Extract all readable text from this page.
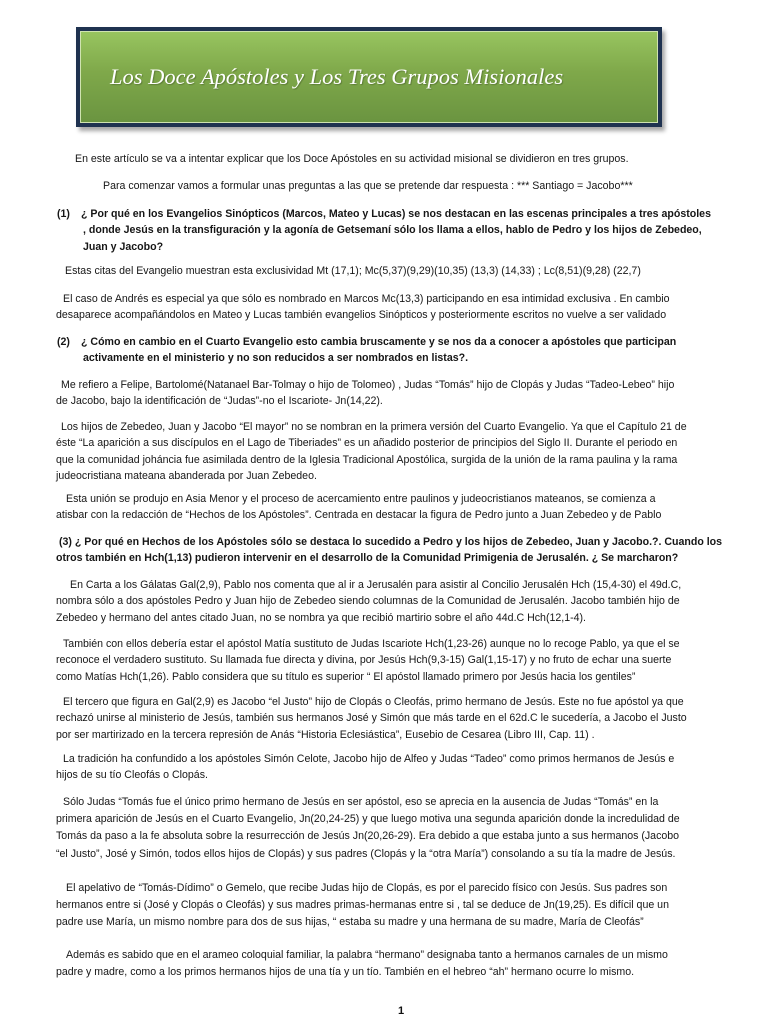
Los Doce Apóstoles y Los Tres Grupos Misionales
En este artículo se va a intentar explicar que los Doce Apóstoles en su actividad misional se dividieron en tres grupos.
Para comenzar vamos a formular unas preguntas a las que se pretende dar respuesta : *** Santiago = Jacobo***
(1) ¿ Por qué en los Evangelios Sinópticos (Marcos, Mateo y Lucas) se nos destacan en las escenas principales a tres apóstoles
, donde Jesús en la transfiguración y la agonía de Getsemaní sólo los llama a ellos, hablo de Pedro y los hijos de Zebedeo,
Juan y Jacobo?
Estas citas del Evangelio muestran esta exclusividad Mt (17,1); Mc(5,37)(9,29)(10,35) (13,3) (14,33) ; Lc(8,51)(9,28) (22,7)
El caso de Andrés es especial ya que sólo es nombrado en Marcos Mc(13,3) participando en esa intimidad exclusiva . En cambio
desaparece acompañándolos en Mateo y Lucas también evangelios Sinópticos y posteriormente escritos no vuelve a ser validado
(2) ¿ Cómo en cambio en el Cuarto Evangelio esto cambia bruscamente y se nos da a conocer a apóstoles que participan
activamente en el ministerio y no son reducidos a ser nombrados en listas?.
Me refiero a Felipe, Bartolomé(Natanael Bar-Tolmay o hijo de Tolomeo) , Judas “Tomás” hijo de Clopás y Judas “Tadeo-Lebeo” hijo
de Jacobo, bajo la identificación de “Judas”-no el Iscariote- Jn(14,22).
Los hijos de Zebedeo, Juan y Jacobo “El mayor” no se nombran en la primera versión del Cuarto Evangelio. Ya que el Capítulo 21 de
éste “La aparición a sus discípulos en el Lago de Tiberiades” es un añadido posterior de principios del Siglo II. Durante el periodo en
que la comunidad joháncia fue asimilada dentro de la Iglesia Tradicional Apostólica, surgida de la unión de la rama paulina y la rama
judeocristiana mateana abanderada por Juan Zebedeo.
Esta unión se produjo en Asia Menor y el proceso de acercamiento entre paulinos y judeocristianos mateanos, se comienza a
atisbar con la redacción de “Hechos de los Apóstoles”. Centrada en destacar la figura de Pedro junto a Juan Zebedeo y de Pablo
(3) ¿ Por qué en Hechos de los Apóstoles sólo se destaca lo sucedido a Pedro y los hijos de Zebedeo, Juan y Jacobo.?. Cuando los
otros también en Hch(1,13) pudieron intervenir en el desarrollo de la Comunidad Primigenia de Jerusalén. ¿ Se marcharon?
En Carta a los Gálatas Gal(2,9), Pablo nos comenta que al ir a Jerusalén para asistir al Concilio Jerusalén Hch (15,4-30) el 49d.C,
nombra sólo a dos apóstoles Pedro y Juan hijo de Zebedeo siendo columnas de la Comunidad de Jerusalén. Jacobo también hijo de
Zebedeo y hermano del antes citado Juan, no se nombra ya que recibió martirio sobre el año 44d.C Hch(12,1-4).
También con ellos debería estar el apóstol Matía sustituto de Judas Iscariote Hch(1,23-26) aunque no lo recoge Pablo, ya que el se
reconoce el verdadero sustituto. Su llamada fue directa y divina, por Jesús Hch(9,3-15) Gal(1,15-17) y no fruto de echar una suerte
como Matías Hch(1,26). Pablo considera que su título es superior “ El apóstol llamado primero por Jesús hacia los gentiles”
El tercero que figura en Gal(2,9) es Jacobo “el Justo” hijo de Clopás o Cleofás, primo hermano de Jesús. Este no fue apóstol ya que
rechazó unirse al ministerio de Jesús, también sus hermanos José y Simón que más tarde en el 62d.C le sucedería, a Jacobo el Justo
por ser martirizado en la tercera represión de Anás “Historia Eclesiástica”, Eusebio de Cesarea (Libro III, Cap. 11) .
La tradición ha confundido a los apóstoles Simón Celote, Jacobo hijo de Alfeo y Judas “Tadeo” como primos hermanos de Jesús e
hijos de su tío Cleofás o Clopás.
Sólo Judas “Tomás fue el único primo hermano de Jesús en ser apóstol, eso se aprecia en la ausencia de Judas “Tomás” en la
primera aparición de Jesús en el Cuarto Evangelio, Jn(20,24-25) y que luego motiva una segunda aparición donde la incredulidad de
Tomás da paso a la fe absoluta sobre la resurrección de Jesús Jn(20,26-29). Era debido a que estaba junto a sus hermanos (Jacobo
“el Justo”, José y Simón, todos ellos hijos de Clopás) y sus padres (Clopás y la “otra María”) consolando a su tía la madre de Jesús.
El apelativo de “Tomás-Dídimo” o Gemelo, que recibe Judas hijo de Clopás, es por el parecido físico con Jesús. Sus padres son
hermanos entre si (José y Clopás o Cleofás) y sus madres primas-hermanas entre si , tal se deduce de Jn(19,25). Es difícil que un
padre use María, un mismo nombre para dos de sus hijas, “ estaba su madre y una hermana de su madre, María de Cleofás”
Además es sabido que en el arameo coloquial familiar, la palabra “hermano” designaba tanto a hermanos carnales de un mismo
padre y madre, como a los primos hermanos hijos de una tía y un tío. También en el hebreo “ah” hermano ocurre lo mismo.
1
